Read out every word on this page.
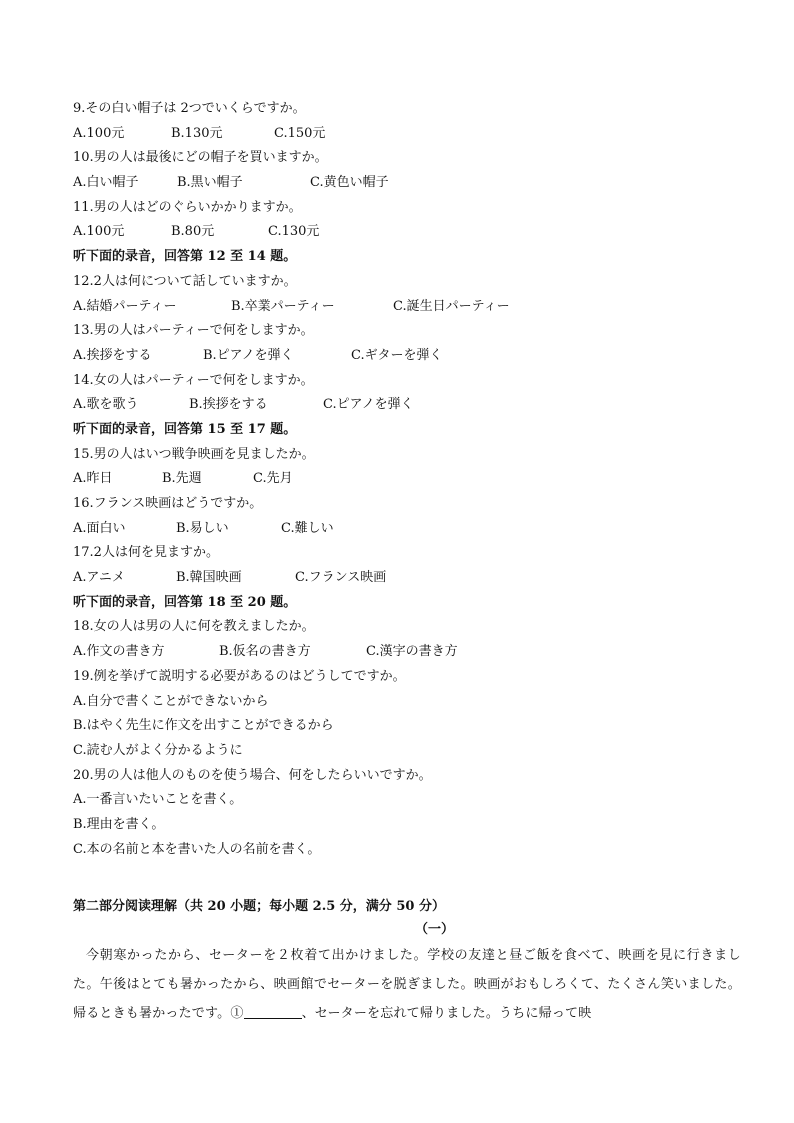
9.その白い帽子は 2つでいくらですか。
A.100元	B.130元	C.150元
10.男の人は最後にどの帽子を買いますか。
A.白い帽子	B.黒い帽子	C.黄色い帽子
11.男の人はどのぐらいかかりますか。
A.100元	B.80元	C.130元
听下面的录音，回答第 12 至 14 题。
12.2人は何について話していますか。
A.結婚パーティー	B.卒業パーティー	C.誕生日パーティー
13.男の人はパーティーで何をしますか。
A.挨拶をする	B.ピアノを弾く	C.ギターを弾く
14.女の人はパーティーで何をしますか。
A.歌を歌う	B.挨拶をする	C.ピアノを弾く
听下面的录音，回答第 15 至 17 题。
15.男の人はいつ戦争映画を見ましたか。
A.昨日	B.先週	C.先月
16.フランス映画はどうですか。
A.面白い	B.易しい	C.難しい
17.2人は何を見ますか。
A.アニメ	B.韓国映画	C.フランス映画
听下面的录音，回答第 18 至 20 题。
18.女の人は男の人に何を教えましたか。
A.作文の書き方	B.仮名の書き方	C.漢字の書き方
19.例を挙げて説明する必要があるのはどうしてですか。
A.自分で書くことができないから
B.はやく先生に作文を出すことができるから
C.読む人がよく分かるように
20.男の人は他人のものを使う場合、何をしたらいいですか。
A.一番言いたいことを書く。
B.理由を書く。
C.本の名前と本を書いた人の名前を書く。
第二部分阅读理解（共 20 小题；每小题 2.5 分，满分 50 分）
（一）
今朝寒かったから、セーターを２枚着て出かけました。学校の友達と昼ご飯を食べて、映画を見に行きました。午後はとても暑かったから、映画館でセーターを脱ぎました。映画がおもしろくて、たくさん笑いました。帰るときも暑かったです。①	、セーターを忘れて帰りました。うちに帰って映
